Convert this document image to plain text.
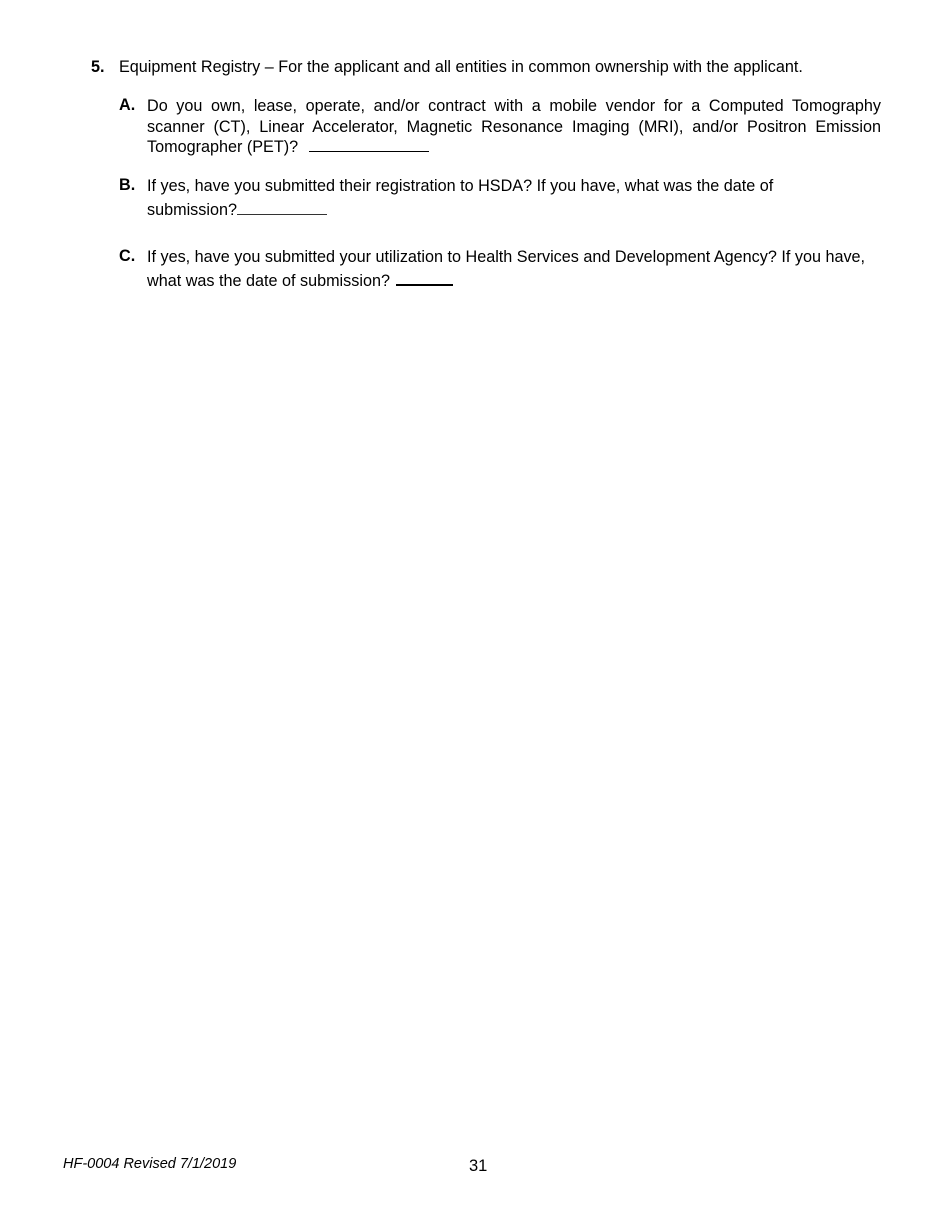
5. Equipment Registry – For the applicant and all entities in common ownership with the applicant.
A. Do you own, lease, operate, and/or contract with a mobile vendor for a Computed Tomography scanner (CT), Linear Accelerator, Magnetic Resonance Imaging (MRI), and/or Positron Emission Tomographer (PET)?
B. If yes, have you submitted their registration to HSDA? If you have, what was the date of submission?
C. If yes, have you submitted your utilization to Health Services and Development Agency? If you have, what was the date of submission?
HF-0004 Revised 7/1/2019	31
